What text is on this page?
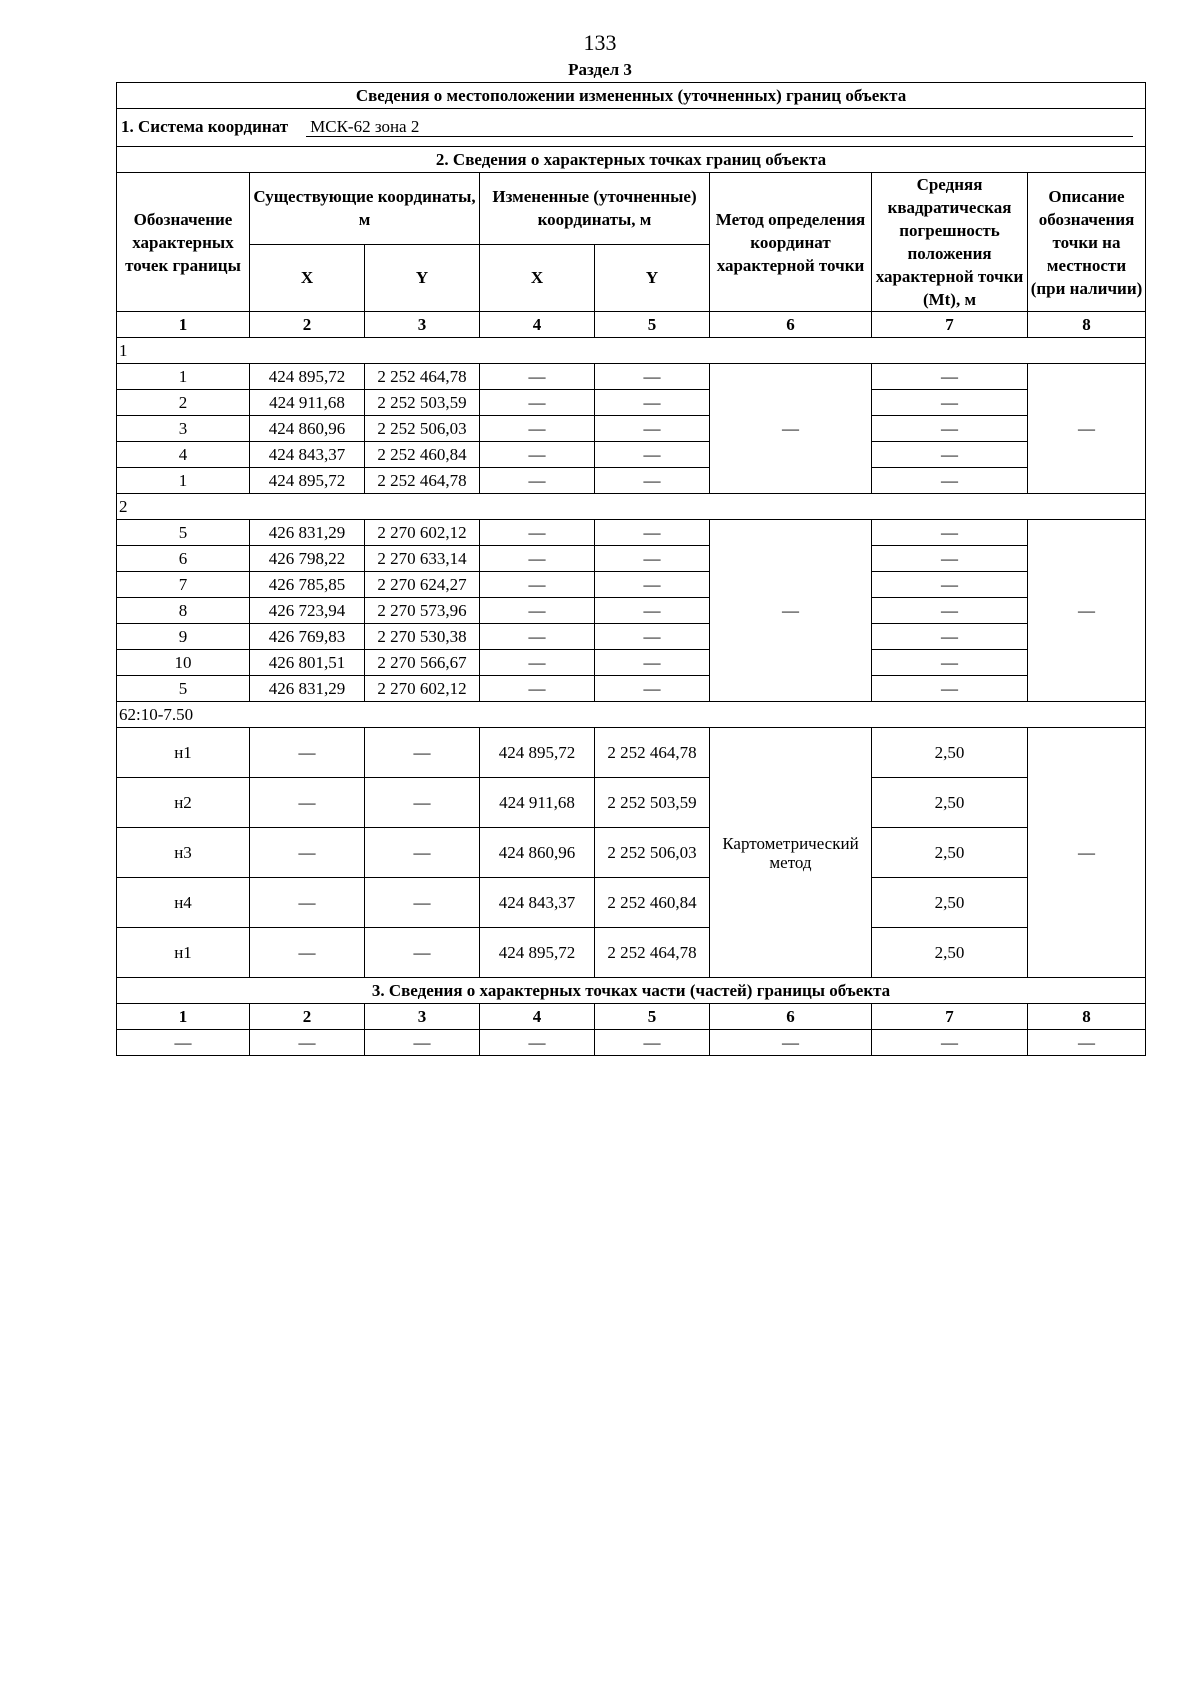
133
Раздел 3
Сведения о местоположении измененных (уточненных) границ объекта							

1. Система координат МСК-62 зона 2							

2. Сведения о характерных точках границ объекта							
Обозначение характерных точек границы	Существующие координаты, м		Измененные (уточненные) координаты, м		Метод определения координат характерной точки	Средняя квадратическая погрешность положения характерной точки (Mt), м	Описание обозначения точки на местности (при наличии)
	X	Y	X	Y			
1	2	3	4	5	6	7	8
1							
1	424 895,72	2 252 464,78	—	—	—	—	—
2	424 911,68	2 252 503,59	—	—		—	
3	424 860,96	2 252 506,03	—	—		—	
4	424 843,37	2 252 460,84	—	—		—	
1	424 895,72	2 252 464,78	—	—		—	
2							
5	426 831,29	2 270 602,12	—	—	—	—	—
6	426 798,22	2 270 633,14	—	—		—	
7	426 785,85	2 270 624,27	—	—		—	
8	426 723,94	2 270 573,96	—	—		—	
9	426 769,83	2 270 530,38	—	—		—	
10	426 801,51	2 270 566,67	—	—		—	
5	426 831,29	2 270 602,12	—	—		—	
62:10-7.50							
н1	—	—	424 895,72	2 252 464,78	Картометрический метод	2,50	—
н2	—	—	424 911,68	2 252 503,59		2,50	
н3	—	—	424 860,96	2 252 506,03		2,50	
н4	—	—	424 843,37	2 252 460,84		2,50	
н1	—	—	424 895,72	2 252 464,78		2,50	
3. Сведения о характерных точках части (частей) границы объекта							
1	2	3	4	5	6	7	8
—	—	—	—	—	—	—	—
